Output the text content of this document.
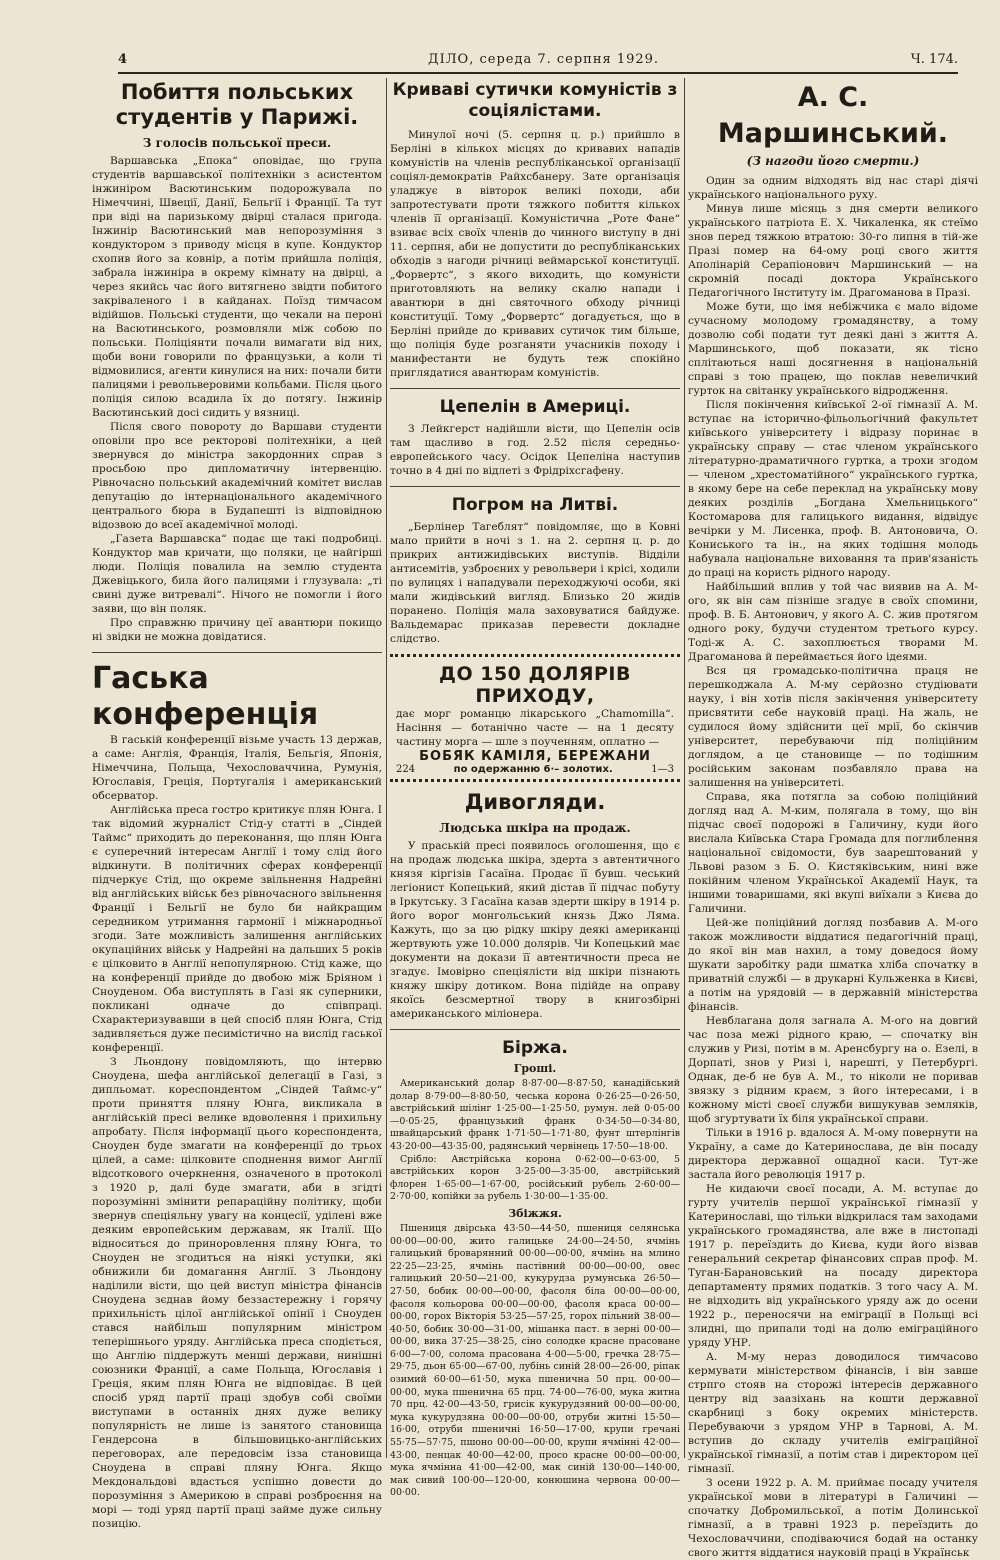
4	ДІЛО, середа 7. серпня 1929.	Ч. 174.
Побиття польських студентів у Парижі.
З голосів польської преси.

Варшавська „Епока“ оповідає, що група студентів варшавської політехніки з асистентом інжиніром Васютинським подорожувала по Німеччині, Швеції, Данії, Бельгії і Франції. Та тут при віді на паризькому двірці сталася пригода. Інжинір Васютинський мав непорозуміння з кондуктором з приводу місця в купе. Кондуктор схопив його за ковнір, а потім прийшла поліція, забрала інжиніра в окрему кімнату на двірці, а через якийсь час його витягнено звідти побитого закріваленого і в кайданах. Поїзд тимчасом відійшов. Польські студенти, що чекали на пероні на Васютинського, розмовляли між собою по польськи. Поліціянти почали вимагати від них, щоби вони говорили по французьки, а коли ті відмовилися, агенти кинулися на них: почали бити палицями і револьверовими кольбами. Після цього поліція силою всадила їх до потягу. Інжинір Васютинський досі сидить у вязниці.

Після свого повороту до Варшави студенти оповіли про все ректорові політехніки, а цей звернувся до міністра закордонних справ з просьбою про дипломатичну інтервенцію. Рівночасно польський академічний комітет вислав депутацію до інтернаціонального академічного централього бюра в Будапешті із відповідною відозвою до всеї академічної молоді.

„Газета Варшавска“ подає ще такі подробиці. Кондуктор мав кричати, що поляки, це найгірші люди. Поліція повалила на землю студента Джевіцького, била його палицями і глузувала: „ті свині дуже витревалі“. Нічого не помогли і його заяви, що він поляк.

Про справжню причину цеї авантюри покищо ні звідки не можна довідатися.

Гаська конференція

В гаській конференції візьме участь 13 держав, а саме: Англія, Франція, Італія, Бельгія, Японія, Німеччина, Польща, Чехословаччина, Румунія, Югославія, Греція, Португалія і американський обсерватор.

Англійська преса гостро критикує плян Юнга. І так відомий журналіст Стід-у статті в „Сіндей Таймс“ приходить до переконання, що плян Юнга є суперечний інтересам Англії і тому слід його відкинути. В політичних сферах конференції підчеркує Стід, що окреме звільнення Надрейні від англійських військ без рівночасного звільнення Франції і Бельгії не було би найкращим середником утримання гармонії і міжнародньої згоди. Зате можливість залишення англійських окупаційних військ у Надрейні на дальших 5 років є цілковито в Англії непопулярною. Стід каже, що на конференції прийде до двобою між Бріяном і Сноуденом. Оба виступлять в Газі як суперники, покликані одначе до співпраці. Схарактеризувавши в цей спосіб плян Юнга, Стід задивляється дуже песимістично на вислід гаської конференції.

З Льондону повідомляють, що інтервю Сноудена, шефа англійської делегації в Газі, з дипльомат. кореспондентом „Сіндей Таймс-у“ проти приняття пляну Юнга, викликала в англійській пресі велике вдоволення і прихильну апробату. Після інформації цього кореспондента, Сноуден буде змагати на конференції до трьох цілей, а саме: цілковите споднення вимог Англії відсоткового очеркнення, означеного в протоколі з 1920 р, далі буде змагати, аби в згідті порозумінні змінити репараційну політику, щоби звернув спеціяльну увагу на концесії, уділені вже деяким европейським державам, як Італії. Що відноситься до приноровлення пляну Юнга, то Сноуден не згодиться на ніякі уступки, які обнижили би домагання Англії. З Льондону наділили вісти, що цей виступ міністра фінансів Сноудена зєднав йому беззастережну і горячу прихильність цілої англійської опінії і Сноуден стався найбільш популярним міністром теперішнього уряду. Англійська преса сподіється, що Англію піддержуть менші держави, нинішні союзники Франції, а саме Польща, Югославія і Греція, яким плян Юнга не відповідає. В цей спосіб уряд партії праці здобув собі своїми виступами в останніх днях дуже велику популярність не лише із занятого становища Гендерсона в більшовицько-англійських переговорах, але передовсім ізза становища Сноудена в справі пляну Юнга. Якщо Мекдональдові вдасться успішно довести до порозуміння з Америкою в справі розброєння на морі — тоді уряд партії праці займе дуже сильну позицію.

Криваві сутички комуністів з соціялістами.

Минулої ночі (5. серпня ц. р.) прийшло в Берліні в кількох місцях до кривавих нападів комуністів на членів республіканської організації соціял-демократів Райхсбанеру. Зате організація уладжує в вівторок великі походи, аби запротестувати проти тяжкого побиття кількох членів її організації. Комуністична „Роте Фане“ взиває всіх своїх членів до чинного виступу в дні 11. серпня, аби не допустити до республіканських обходів з нагоди річниці веймарської конституції. „Форвертс“, з якого виходить, що комуністи приготовляють на велику скалю напади і авантюри в дні святочного обходу річниці конституції. Тому „Форвертс“ догадується, що в Берліні прийде до кривавих сутичок тим більше, що поліція буде розганяти учасників походу і манифестанти не будуть теж спокійно приглядатися авантюрам комуністів.

Цепелін в Америці.

З Лейкгерст надійшли вісти, що Цепелін осів там щасливо в год. 2.52 після середньо-европейського часу. Осідок Цепеліна наступив точно в 4 дні по відлеті з Фрідріхсгафену.

Погром на Литві.

„Берлінер Тагеблят“ повідомляє, що в Ковні мало прийти в ночі з 1. на 2. серпня ц. р. до прикрих антижидівських виступів. Відділи антисемітів, узброєних у револьвери і крісі, ходили по вулицях і нападували переходжуючі особи, які мали жидівський вигляд. Близько 20 жидів поранено. Поліція мала заховуватися байдуже. Вальдемарас приказав перевести докладне слідство.

ДО 150 ДОЛЯРІВ ПРИХОДУ,
дає морг романцю лікарського „Chamomilla“. Насіння — ботанічно часте — на 1 десяту частину морга — шле з поученням, оплатно —
БОБЯК КАМІЛЯ, БЕРЕЖАНИ
224	по одержанню 6·– золотих.	1—3
Дивогляди.
Людська шкіра на продаж.

У праській пресі появилось оголошення, що є на продаж людська шкіра, здерта з автентичного князя кіргізів Гасаїна. Продає її бувш. чеський легіонист Копецький, який дістав її підчас побуту в Іркутську. З Гасаїна казав здерти шкіру в 1914 р. його ворог монгольський князь Джо Ляма. Кажуть, що за цю рідку шкіру деякі американці жертвують уже 10.000 долярів. Чи Копецький має документи на докази її автентичности преса не згадує. Імовірно спеціялісти від шкіри пізнають княжу шкіру дотиком. Вона підійде на оправу якоїсь безсмертної твору в книгозбірні американського міліонера.

Біржа.
Гроші.

Американський долар 8·87·00—8·87·50, канадійський долар 8·79·00—8·80·50, чеська корона 0·26·25—0·26·50, австрійський шілінг 1·25·00—1·25·50, румун. лей 0·05·00—0·05·25, французький франк 0·34·50—0·34·80, швайцарський франк 1·71·50—1·71·80, фунт штерлінгів 43·20·00—43·35·00, радянський червінець 17·50—18·00.

Срібло: Австрійська корона 0·62·00—0·63·00, 5 австрійських корон 3·25·00—3·35·00, австрійський флорен 1·65·00—1·67·00, російський рубель 2·60·00—2·70·00, копійки за рубель 1·30·00—1·35·00.

Збіжжя.

Пшениця двірська 43·50—44·50, пшениця селянська 00·00—00·00, жито галицьке 24·00—24·50, ячмінь галицький броварянний 00·00—00·00, ячмінь на млино 22·25—23·25, ячмінь пастівний 00·00—00·00, овес галицький 20·50—21·00, кукурудза румунська 26·50—27·50, бобик 00·00—00·00, фасоля біла 00·00—00·00, фасоля кольорова 00·00—00·00, фасоля краса 00·00—00·00, горох Вікторія 53·25—57·25, горох пільний 38·00—40·50, бобик 30·00—31·00, мішанка паст. в зерні 00·00—00·00, вика 37·25—38·25, сіно солодке красне прасоване 6·00—7·00, солома прасована 4·00—5·00, гречка 28·75—29·75, дьон 65·00—67·00, лубінь синій 28·00—26·00, ріпак озимий 60·00—61·50, мука пшенична 50 прц. 00·00—00·00, мука пшенична 65 прц. 74·00—76·00, мука житна 70 прц. 42·00—43·50, грисік кукурудзяний 00·00—00·00, мука кукурудзяна 00·00—00·00, отруби житні 15·50—16·00, отруби пшеничні 16·50—17·00, крупи гречані 55·75—57·75, пшоно 00·00—00·00, крупи ячмінні 42·00—43·00, пенцак 40·00—42·00, просо красне 00·00—00·00, мука ячмінна 41·00—42·00, мак синій 130·00—140·00, мак сивий 100·00—120·00, конюшина червона 00·00—00·00.

А. С. Маршинський.
(З нагоди його смерти.)

Один за одним відходять від нас старі діячі українського національного руху.

Минув лише місяць з дня смерти великого українського патріота Е. Х. Чикаленка, як стеїмо знов перед тяжкою втратою: 30-го липня в тій-же Празі помер на 64-ому році свого життя Аполінарій Серапіонович Маршинський — на скромній посаді доктора Українського Педагогічного Інституту ім. Драгоманова в Празі.

Може бути, що імя небіжчика є мало відоме сучасному молодому громадянству, а тому дозволю собі подати тут деякі дані з життя А. Маршинського, щоб показати, як тісно сплітаються наші досягнення в національній справі з тою працею, що поклав невеличкий гурток на світанку українського відродження.

Після покінчення київської 2-ої гімназії А. М. вступає на історично-фільольогічний факультет київського університету і відразу поринає в українську справу — стає членом українського літературно-драматичного гуртка, а трохи згодом — членом „хрестоматійного“ українського гуртка, в якому бере на себе переклад на українську мову деяких розділів „Богдана Хмельницького“ Костомарова для галицького видання, відвідує вечірки у М. Лисенка, проф. В. Антоновича, О. Кониського та ін., на яких тодішня молодь набувала національне виховання та прив'язаність до праці на користь рідного народу.

Найбільший вплив у той час виявив на А. М-ого, як він сам пізніше згадує в своїх спомини, проф. В. Б. Антонович, у якого А. С. жив протягом одного року, будучи студентом третього курсу. Тоді-ж А. С. захоплюється творами М. Драгоманова й переймається його ідеями.

Вся ця громадсько-політична праця не перешкоджала А. М-му серйозно студіювати науку, і він хотів після закінчення університету присвятити себе науковій праці. На жаль, не судилося йому здійснити цеї мрії, бо скінчив університет, перебуваючи під поліційним доглядом, а це становище — по тодішним російським законам позбавляло права на залишення на університеті.

Справа, яка потягла за собою поліційний догляд над А. М-ким, полягала в тому, що він підчас своєї подорожі в Галичину, куди його вислала Київська Стара Громада для поглиблення національної свідомости, був заарештований у Львові разом з Б. О. Кистяківським, нині вже покійним членом Української Академії Наук, та іншими товаришами, які вкупі виїхали з Києва до Галичини.

Цей-же поліційний догляд позбавив А. М-ого також можливости віддатися педагогічній праці, до якої він мав нахил, а тому доведося йому шукати заробітку ради шматка хліба спочатку в приватній службі — в друкарні Кульженка в Києві, а потім на урядовій — в державній міністерства фінансів.

Невблагана доля загнала А. М-ого на довгий час поза межі рідного краю, — спочатку він служив у Ризі, потім в м. Аренсбургу на о. Езелі, в Дорпаті, знов у Ризі і, нарешті, у Петербургі. Однак, де-б не був А. М., то ніколи не поривав звязку з рідним краєм, з його інтересами, і в кожному місті своєї служби вишукував земляків, щоб згуртувати їх біля української справи.

Тільки в 1916 р. вдалося А. М-ому повернути на Україну, а саме до Катеринослава, де він посаду директора державної ощадної каси. Тут-же застала його революція 1917 р.

Не кидаючи своєї посади, А. М. вступає до гурту учителів першої української гімназії у Катеринославі, що тільки відкрилася там заходами українського громадянства, але вже в листопаді 1917 р. переїздить до Києва, куди його візвав генеральний секретар фінансових справ проф. М. Туган-Барановський на посаду директора департаменту прямих податків. З того часу А. М. не відходить від українського уряду аж до осени 1922 р., переносячи на еміграції в Польщі всі злидні, що припали тоді на долю еміграційного уряду УНР.

А. М-му нераз доводилося тимчасово кермувати міністерством фінансів, і він завше стрпго стояв на сторожі інтересів державного центру від заазіхань на кошти державної скарбниці з боку окремих міністерств. Перебуваючи з урядом УНР в Тарнові, А. М. вступив до складу учителів еміграційної української гімназії, а потім став і директором цеї гімназії.

З осени 1922 р. А. М. приймає посаду учителя української мови в літературі в Галичині — спочатку Добромильської, а потім Долинської гімназії, а в травні 1923 р. переїздить до Чехословаччини, сподіваючися бодай на останку свого життя віддатися науковій праці в Українськ
